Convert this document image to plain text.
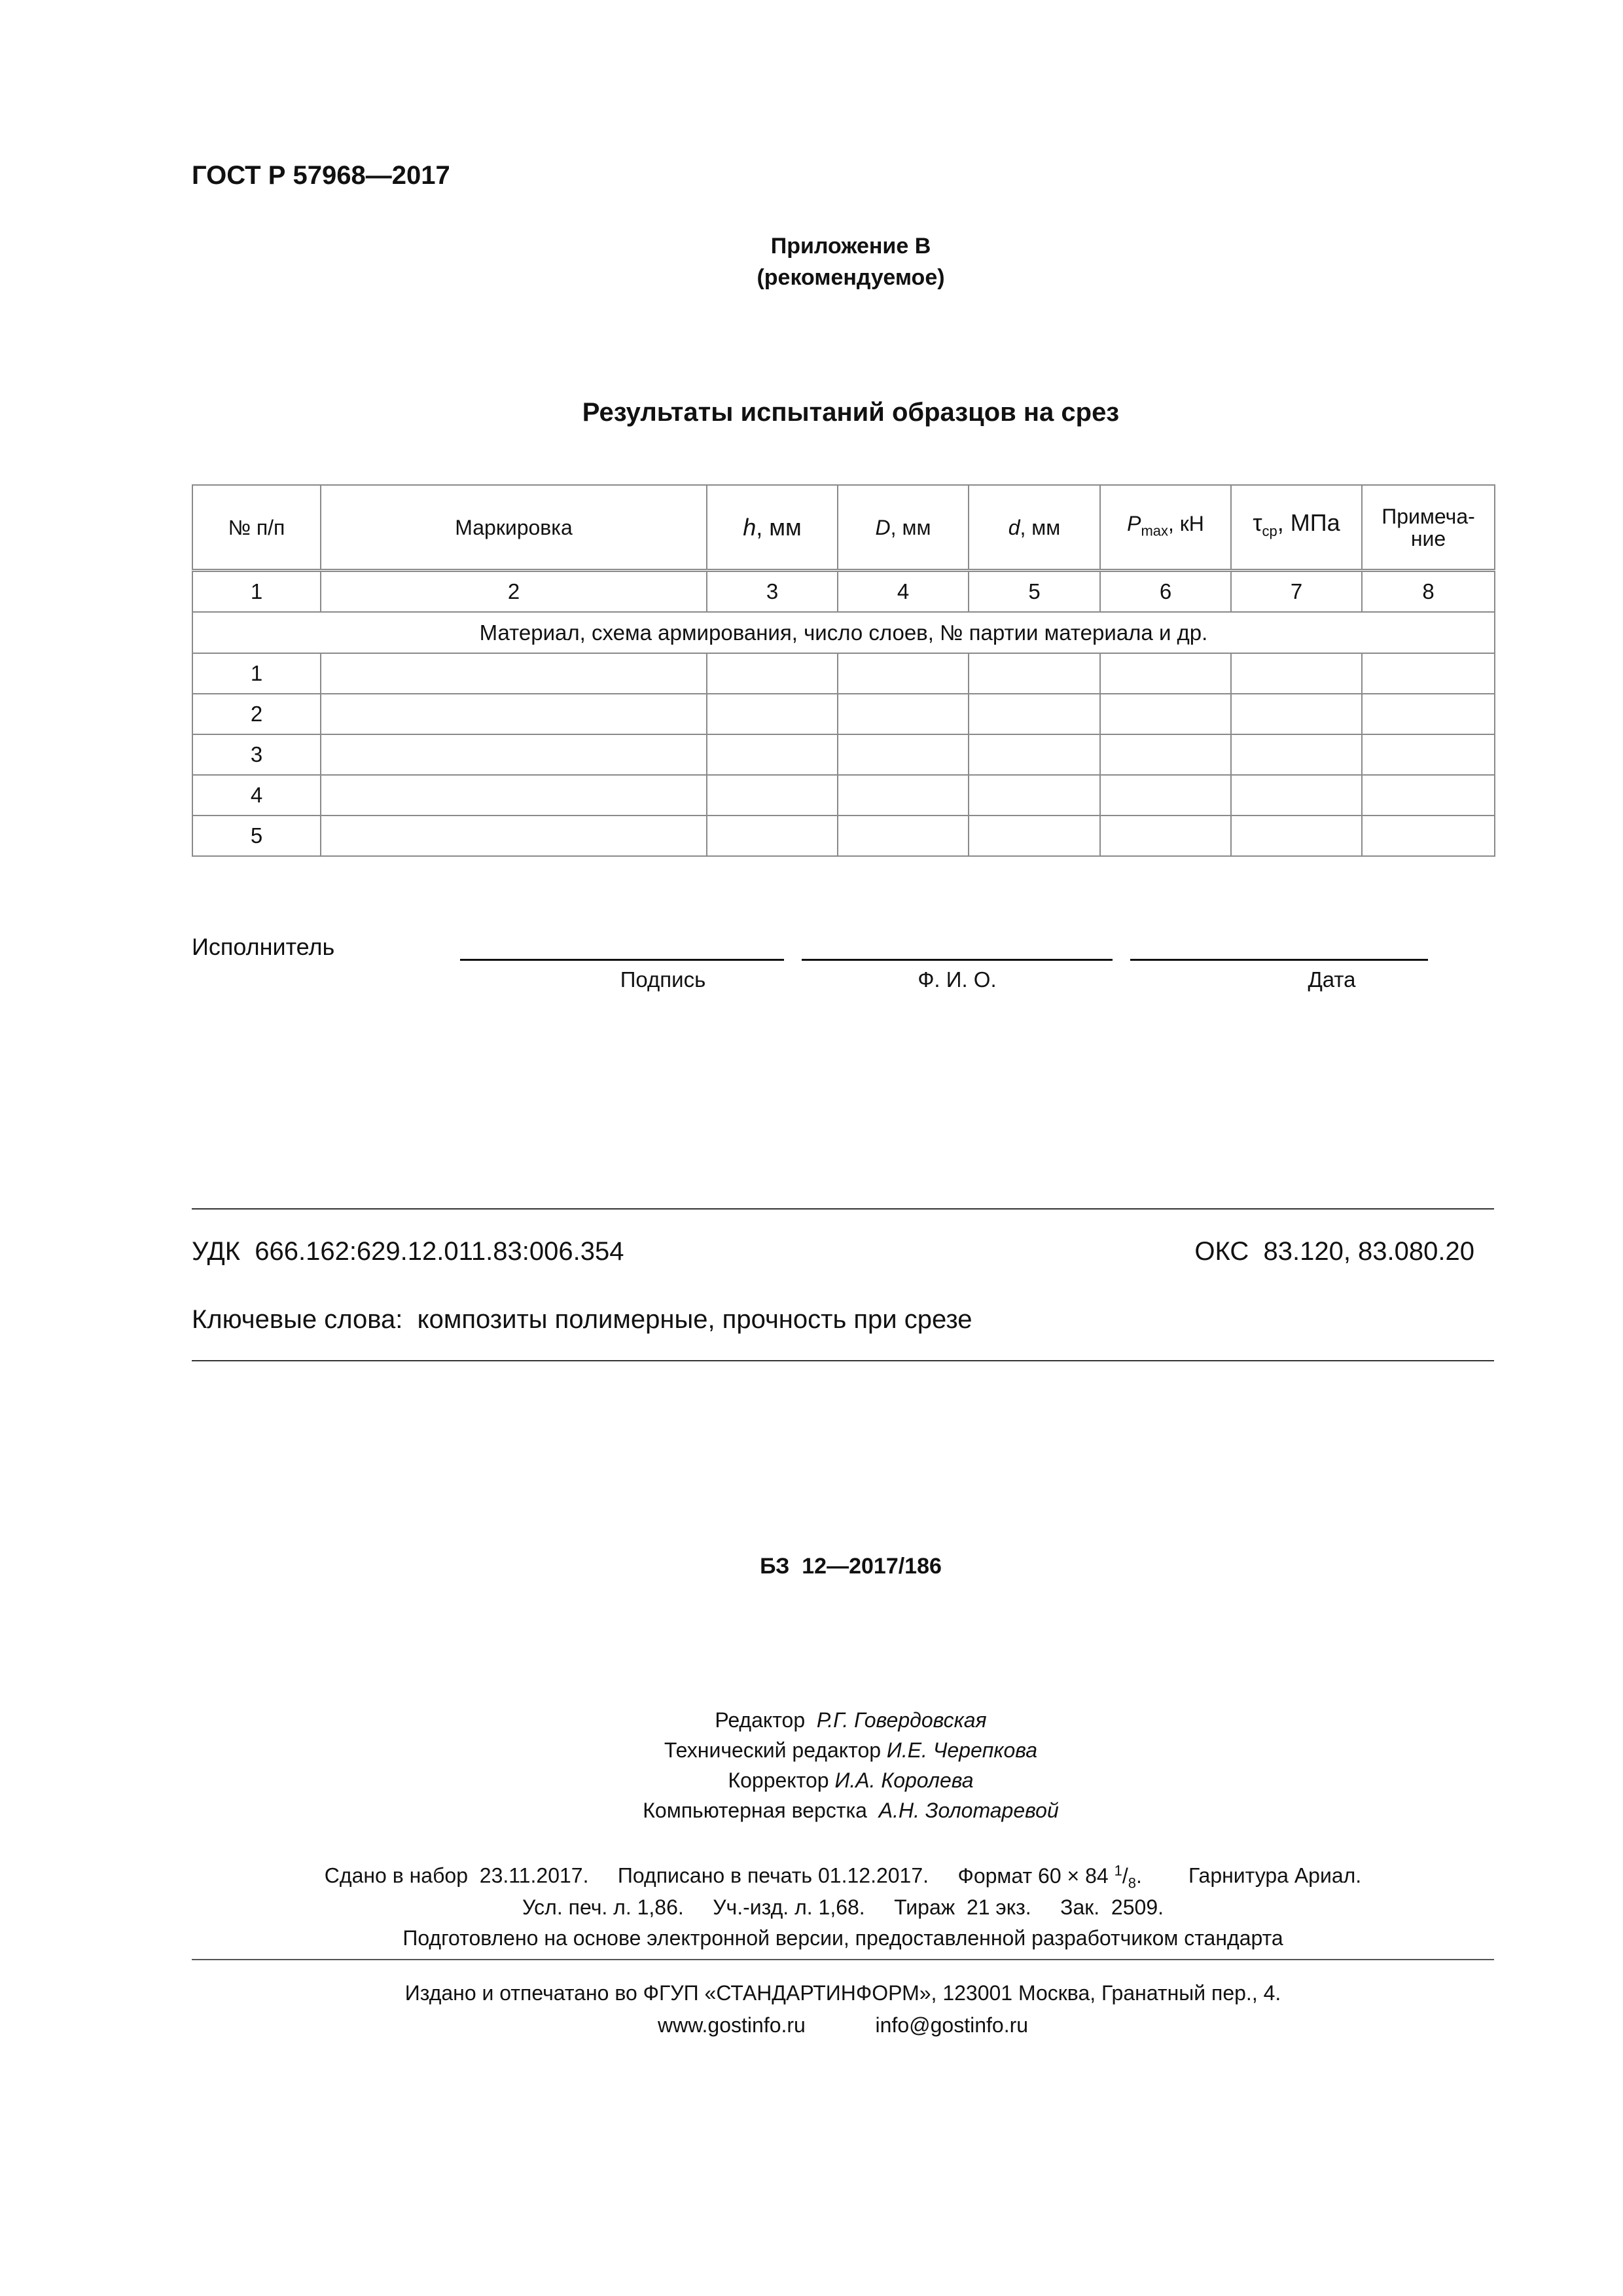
ГОСТ Р 57968—2017
Приложение В
(рекомендуемое)
Результаты испытаний образцов на срез
№ п/п	Маркировка	h, мм	D, мм	d, мм	$P_{max}$, кН	$\tau_{ср}$, МПа	Примеча-
ние

1	2	3	4	5	6	7	8
Материал, схема армирования, число слоев, № партии материала и др.							
1							
2							
3							
4							
5							
Исполнитель
Подпись	Ф. И. О.	Дата
УДК  666.162:629.12.011.83:006.354	ОКС  83.120, 83.080.20
Ключевые слова: композиты полимерные, прочность при срезе
БЗ  12—2017/186
Редактор Р.Г. Говердовская
Технический редактор И.Е. Черепкова
Корректор И.А. Королева
Компьютерная верстка А.Н. Золотаревой
Сдано в набор  23.11.2017. Подписано в печать 01.12.2017. Формат 60 × 84 $^1/_8$. Гарнитура Ариал.
Усл. печ. л. 1,86.     Уч.-изд. л. 1,68.     Тираж  21 экз.     Зак.  2509.
Подготовлено на основе электронной версии, предоставленной разработчиком стандарта
Издано и отпечатано во ФГУП «СТАНДАРТИНФОРМ», 123001 Москва, Гранатный пер., 4.
www.gostinfo.ru	info@gostinfo.ru
